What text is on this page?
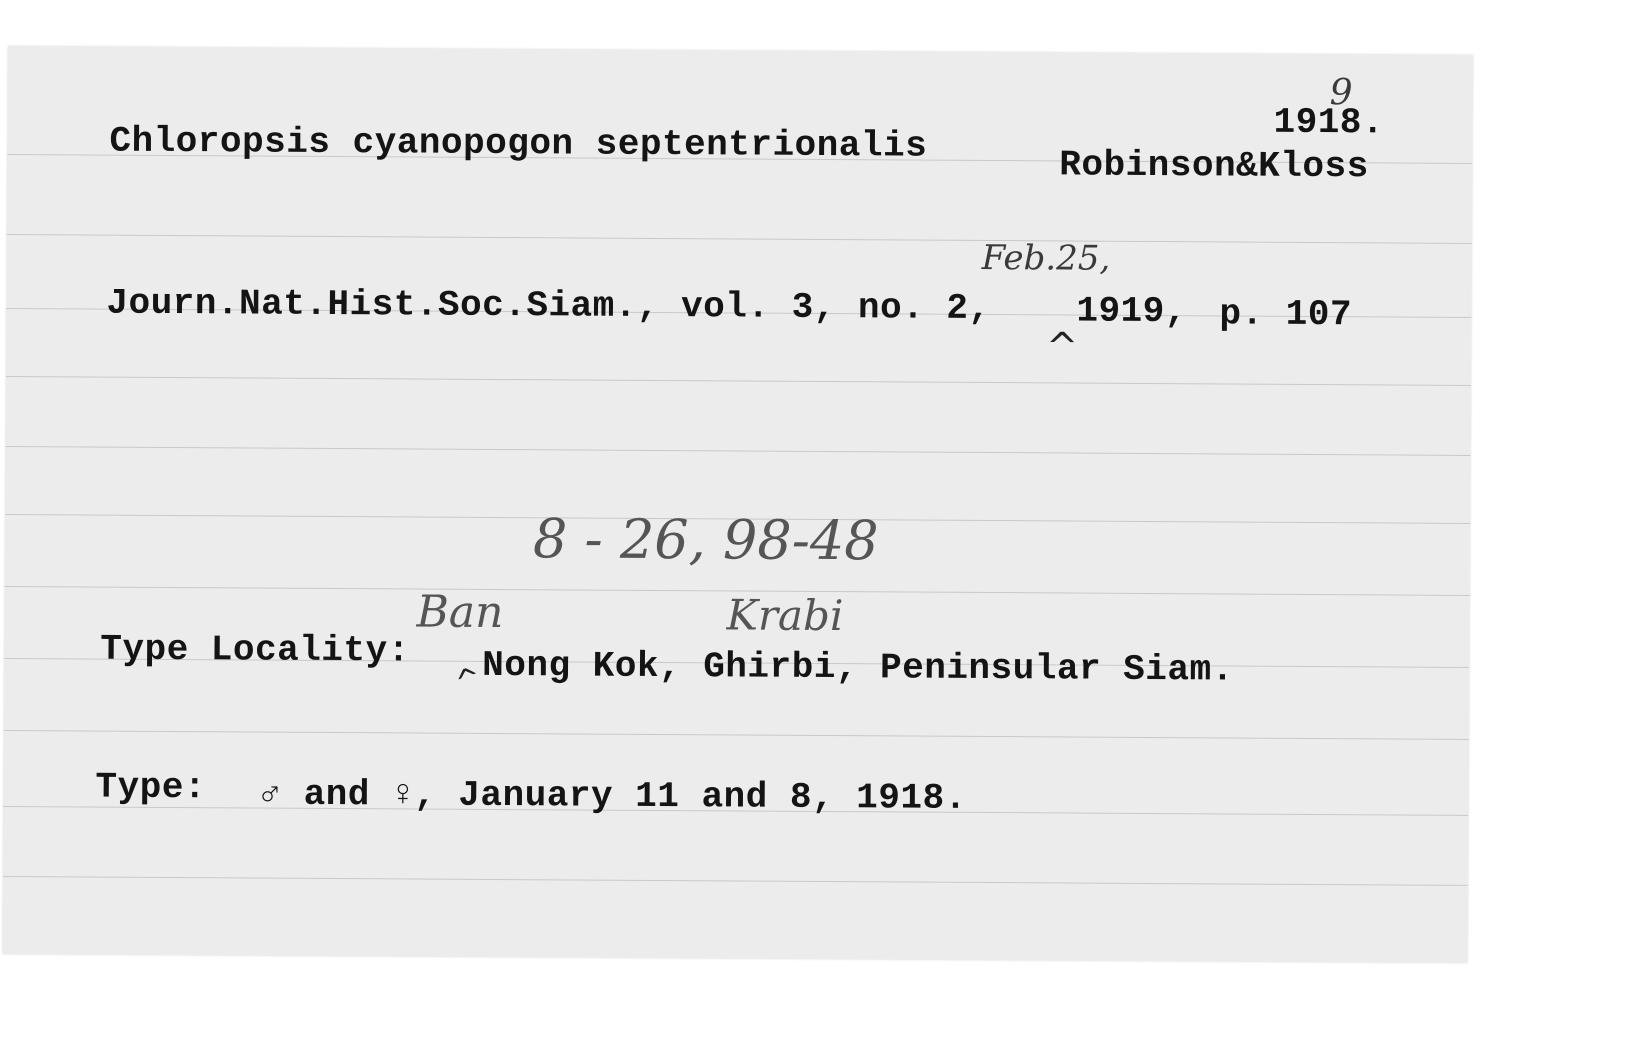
Chloropsis cyanopogon septentrionalis
9
1918.
Robinson&Kloss
Feb.25,
Journ.Nat.Hist.Soc.Siam., vol. 3, no. 2, 1919, p. 107
^
8 - 26, 98-48
Ban	Krabi
Type Locality:
^
Nong Kok, Ghirbi, Peninsular Siam.
Type: ♂ and ♀, January 11 and 8, 1918.
